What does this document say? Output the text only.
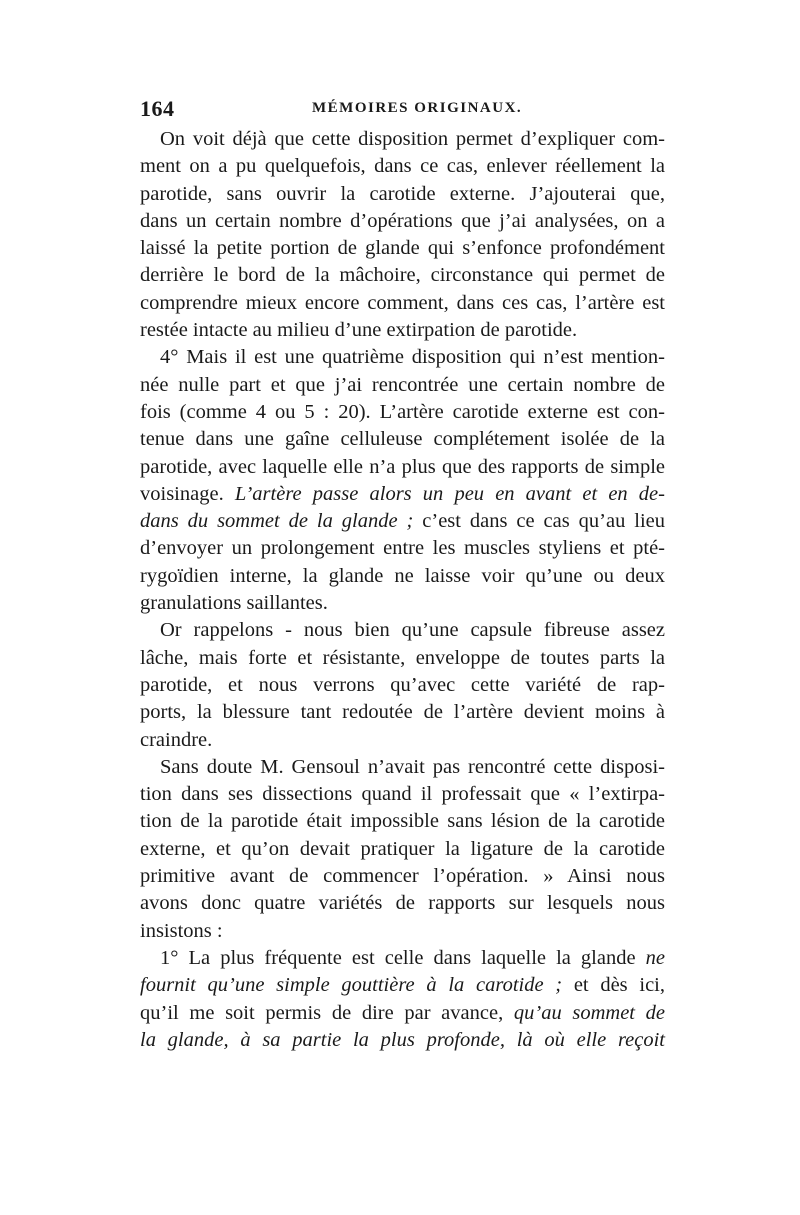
164	MÉMOIRES ORIGINAUX.
On voit déjà que cette disposition permet d’expliquer com-
ment on a pu quelquefois, dans ce cas, enlever réellement la
parotide, sans ouvrir la carotide externe. J’ajouterai que,
dans un certain nombre d’opérations que j’ai analysées, on a
laissé la petite portion de glande qui s’enfonce profondément
derrière le bord de la mâchoire, circonstance qui permet de
comprendre mieux encore comment, dans ces cas, l’artère est
restée intacte au milieu d’une extirpation de parotide.
4° Mais il est une quatrième disposition qui n’est mention-
née nulle part et que j’ai rencontrée une certain nombre de
fois (comme 4 ou 5 : 20). L’artère carotide externe est con-
tenue dans une gaîne celluleuse complétement isolée de la
parotide, avec laquelle elle n’a plus que des rapports de simple
voisinage. L’artère passe alors un peu en avant et en de-
dans du sommet de la glande ; c’est dans ce cas qu’au lieu
d’envoyer un prolongement entre les muscles styliens et pté-
rygoïdien interne, la glande ne laisse voir qu’une ou deux
granulations saillantes.
Or rappelons - nous bien qu’une capsule fibreuse assez
lâche, mais forte et résistante, enveloppe de toutes parts la
parotide, et nous verrons qu’avec cette variété de rap-
ports, la blessure tant redoutée de l’artère devient moins à
craindre.
Sans doute M. Gensoul n’avait pas rencontré cette disposi-
tion dans ses dissections quand il professait que « l’extirpa-
tion de la parotide était impossible sans lésion de la carotide
externe, et qu’on devait pratiquer la ligature de la carotide
primitive avant de commencer l’opération. » Ainsi nous
avons donc quatre variétés de rapports sur lesquels nous
insistons :
1° La plus fréquente est celle dans laquelle la glande ne
fournit qu’une simple gouttière à la carotide ; et dès ici,
qu’il me soit permis de dire par avance, qu’au sommet de
la glande, à sa partie la plus profonde, là où elle reçoit
